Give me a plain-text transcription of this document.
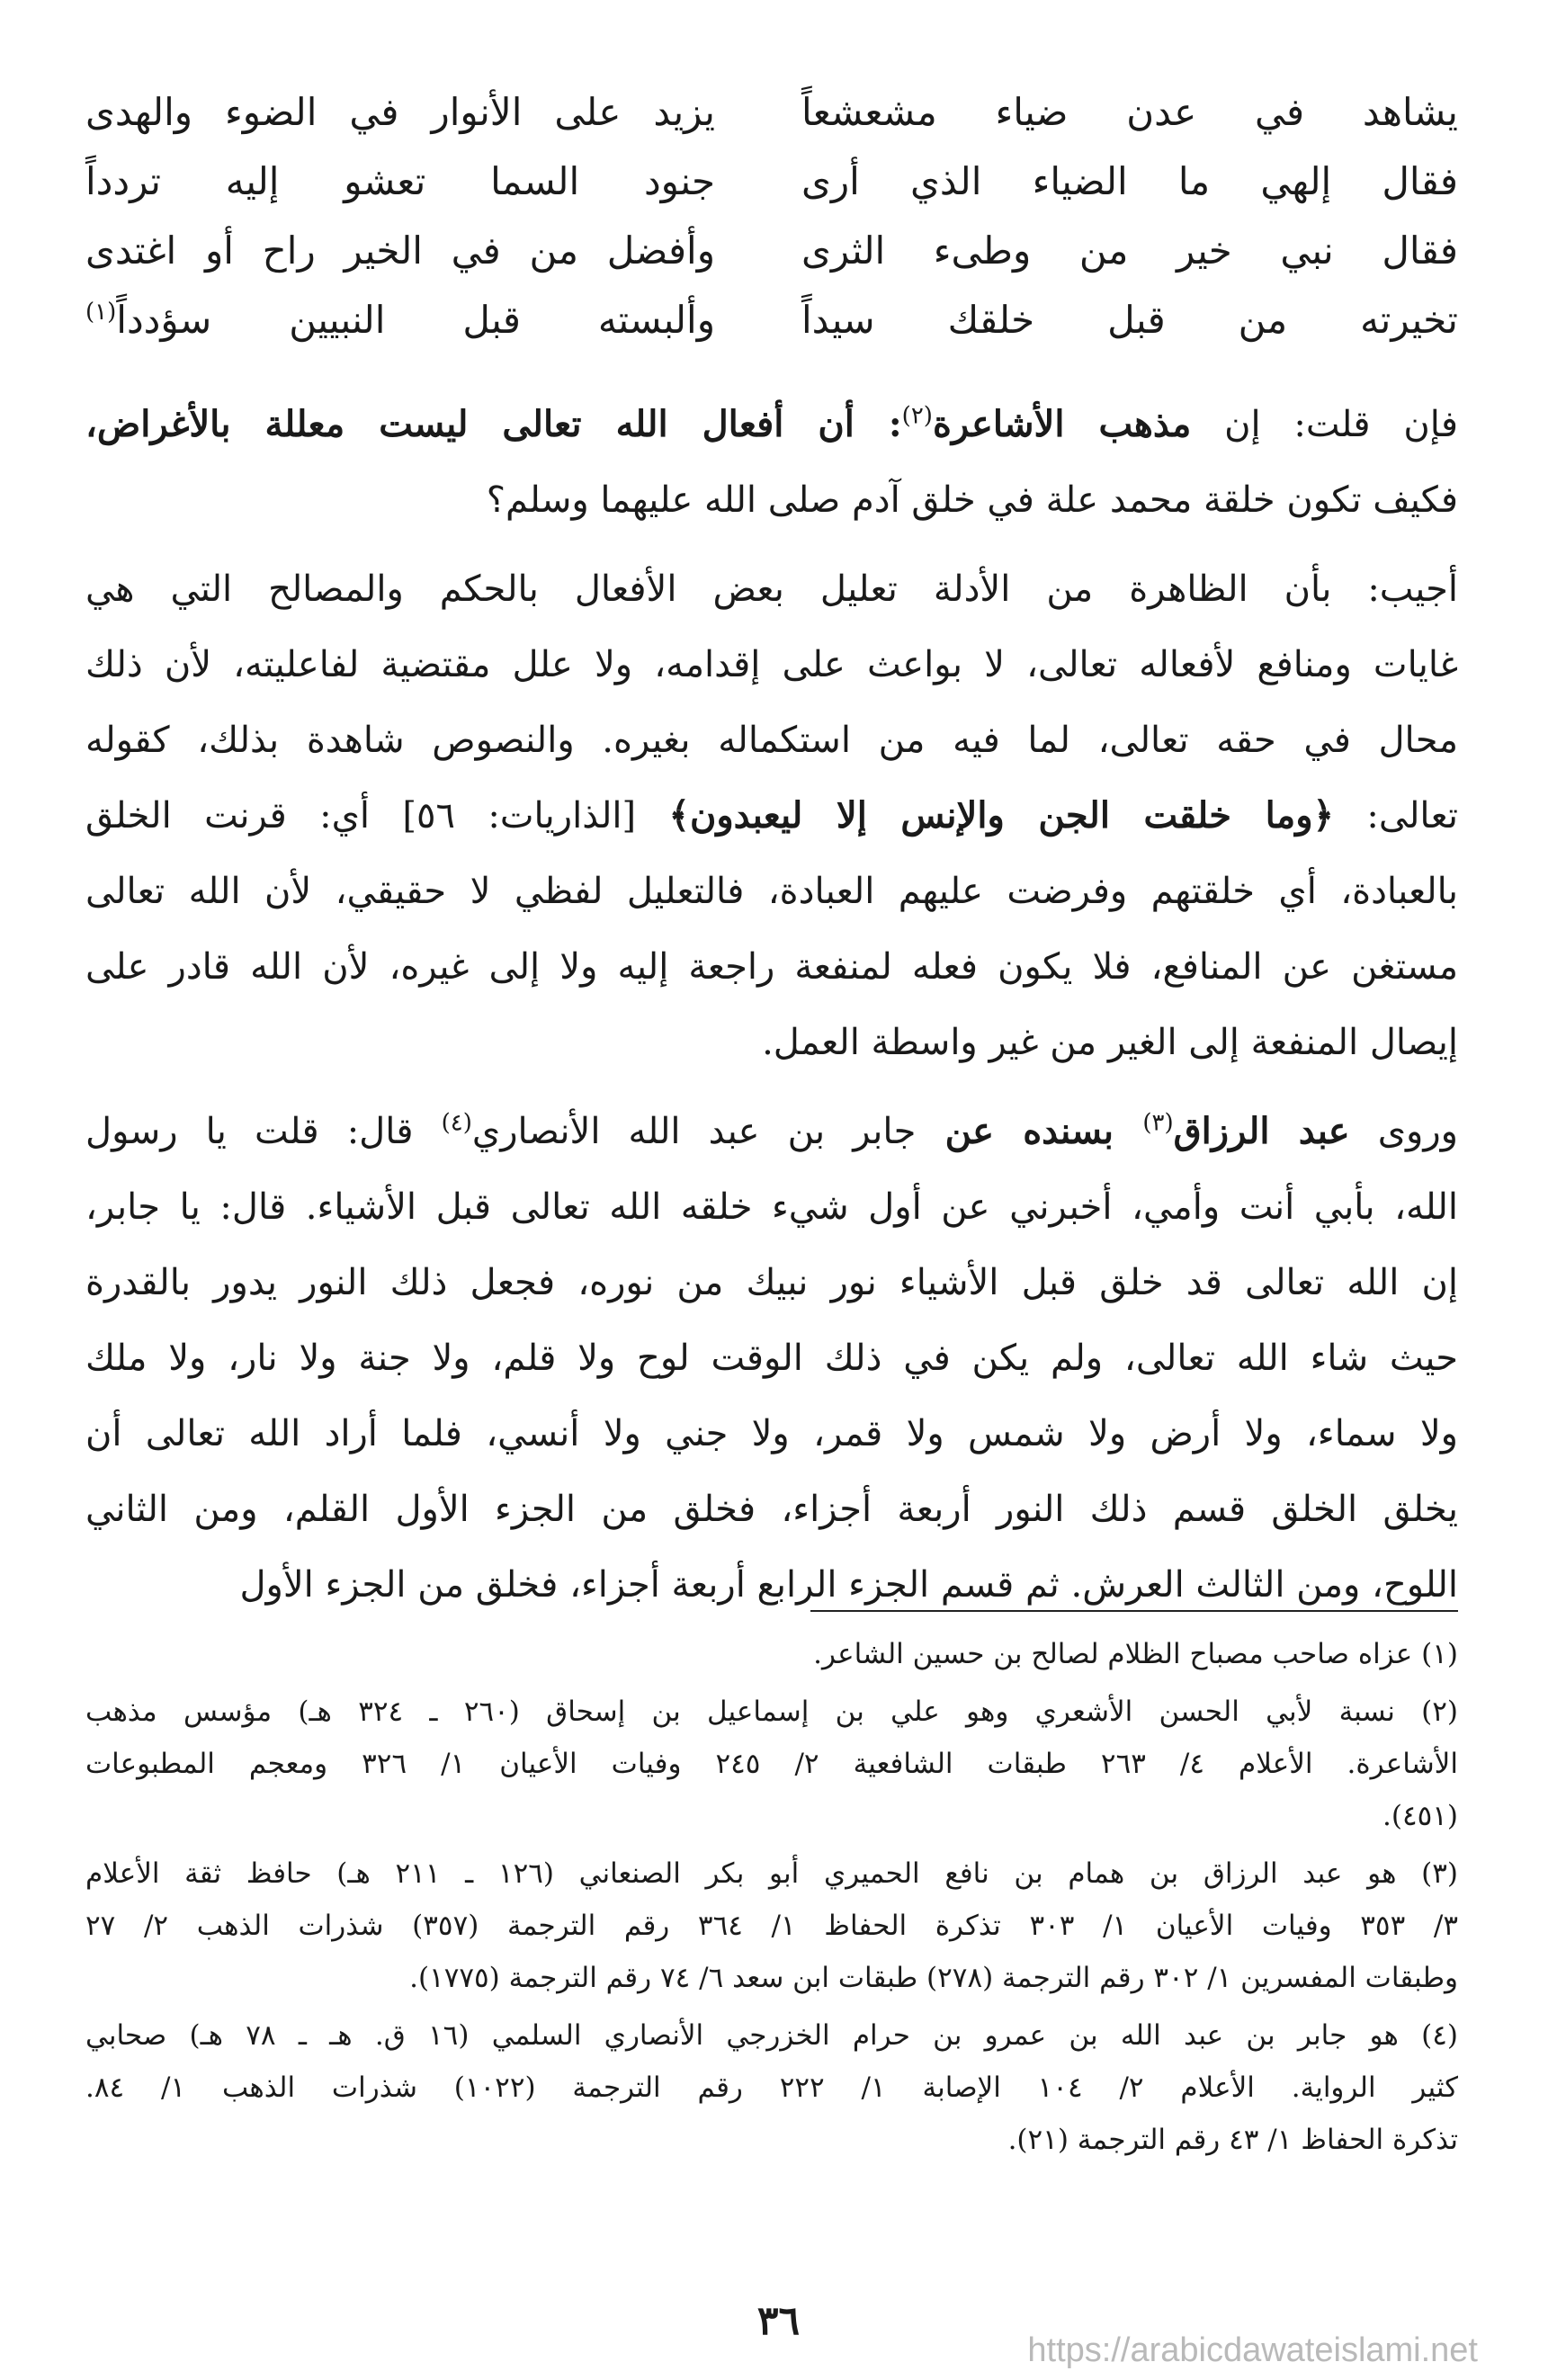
يشاهد في عدن ضياء مشعشعاً
يزيد على الأنوار في الضوء والهدى
فقال إلهي ما الضياء الذي أرى
جنود السما تعشو إليه تردداً
فقال نبي خير من وطىء الثرى
وأفضل من في الخير راح أو اغتدى
تخيرته من قبل خلقك سيداً
وألبسته قبل النبيين سؤدداً$^{(١)}$
فإن قلت: إن مذهب الأشاعرة$^{(٢)}$: أن أفعال الله تعالى ليست معللة بالأغراض،
فكيف تكون خلقة محمد علة في خلق آدم صلى الله عليهما وسلم؟
أجيب: بأن الظاهرة من الأدلة تعليل بعض الأفعال بالحكم والمصالح التي هي
غايات ومنافع لأفعاله تعالى، لا بواعث على إقدامه، ولا علل مقتضية لفاعليته، لأن ذلك
محال في حقه تعالى، لما فيه من استكماله بغيره. والنصوص شاهدة بذلك، كقوله
تعالى: ﴿وما خلقت الجن والإنس إلا ليعبدون﴾ [الذاريات: ٥٦] أي: قرنت الخلق
بالعبادة، أي خلقتهم وفرضت عليهم العبادة، فالتعليل لفظي لا حقيقي، لأن الله تعالى
مستغن عن المنافع، فلا يكون فعله لمنفعة راجعة إليه ولا إلى غيره، لأن الله قادر على
إيصال المنفعة إلى الغير من غير واسطة العمل.
وروى عبد الرزاق$^{(٣)}$ بسنده عن جابر بن عبد الله الأنصاري$^{(٤)}$ قال: قلت يا رسول
الله، بأبي أنت وأمي، أخبرني عن أول شيء خلقه الله تعالى قبل الأشياء. قال: يا جابر،
إن الله تعالى قد خلق قبل الأشياء نور نبيك من نوره، فجعل ذلك النور يدور بالقدرة
حيث شاء الله تعالى، ولم يكن في ذلك الوقت لوح ولا قلم، ولا جنة ولا نار، ولا ملك
ولا سماء، ولا أرض ولا شمس ولا قمر، ولا جني ولا أنسي، فلما أراد الله تعالى أن
يخلق الخلق قسم ذلك النور أربعة أجزاء، فخلق من الجزء الأول القلم، ومن الثاني
اللوح، ومن الثالث العرش. ثم قسم الجزء الرابع أربعة أجزاء، فخلق من الجزء الأول
(١) عزاه صاحب مصباح الظلام لصالح بن حسين الشاعر.
(٢) نسبة لأبي الحسن الأشعري وهو علي بن إسماعيل بن إسحاق (٢٦٠ ـ ٣٢٤ هـ) مؤسس مذهب
الأشاعرة. الأعلام ٤/ ٢٦٣ طبقات الشافعية ٢/ ٢٤٥ وفيات الأعيان ١/ ٣٢٦ ومعجم المطبوعات
(٤٥١).
(٣) هو عبد الرزاق بن همام بن نافع الحميري أبو بكر الصنعاني (١٢٦ ـ ٢١١ هـ) حافظ ثقة الأعلام
٣/ ٣٥٣ وفيات الأعيان ١/ ٣٠٣ تذكرة الحفاظ ١/ ٣٦٤ رقم الترجمة (٣٥٧) شذرات الذهب ٢/ ٢٧
وطبقات المفسرين ١/ ٣٠٢ رقم الترجمة (٢٧٨) طبقات ابن سعد ٦/ ٧٤ رقم الترجمة (١٧٧٥).
(٤) هو جابر بن عبد الله بن عمرو بن حرام الخزرجي الأنصاري السلمي (١٦ ق. هـ ـ ٧٨ هـ) صحابي
كثير الرواية. الأعلام ٢/ ١٠٤ الإصابة ١/ ٢٢٢ رقم الترجمة (١٠٢٢) شذرات الذهب ١/ ٨٤.
تذكرة الحفاظ ١/ ٤٣ رقم الترجمة (٢١).
٣٦
https://arabicdawateislami.net
